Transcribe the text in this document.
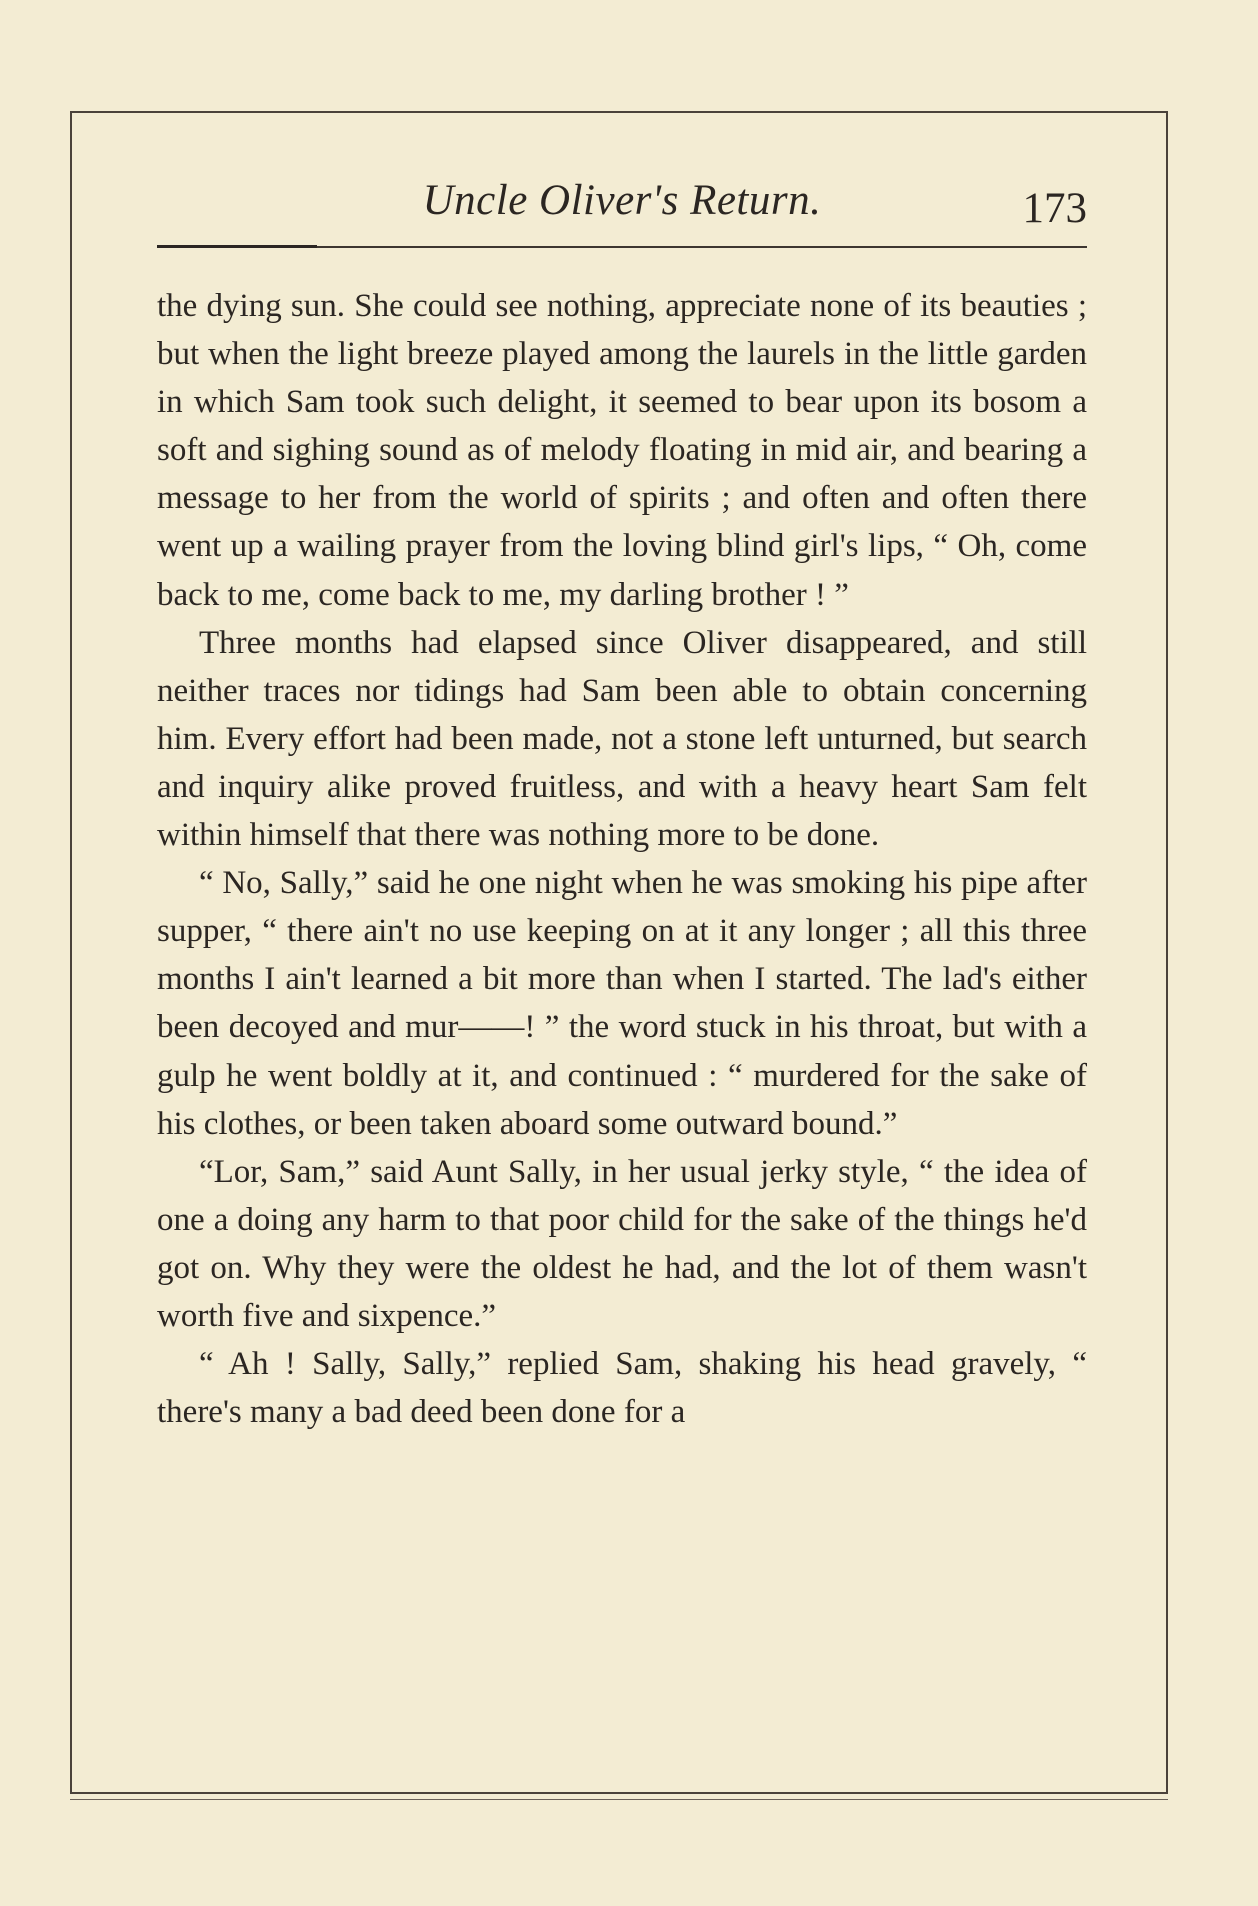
Uncle Oliver's Return.	173

the dying sun. She could see nothing, appreciate none of its beauties ; but when the light breeze played among the laurels in the little garden in which Sam took such delight, it seemed to bear upon its bosom a soft and sighing sound as of melody floating in mid air, and bearing a message to her from the world of spirits ; and often and often there went up a wailing prayer from the loving blind girl's lips, “ Oh, come back to me, come back to me, my darling brother ! ”

Three months had elapsed since Oliver disappeared, and still neither traces nor tidings had Sam been able to obtain concerning him. Every effort had been made, not a stone left unturned, but search and inquiry alike proved fruitless, and with a heavy heart Sam felt within himself that there was nothing more to be done.

“ No, Sally,” said he one night when he was smoking his pipe after supper, “ there ain't no use keeping on at it any longer ; all this three months I ain't learned a bit more than when I started. The lad's either been decoyed and mur——! ” the word stuck in his throat, but with a gulp he went boldly at it, and continued : “ murdered for the sake of his clothes, or been taken aboard some outward bound.”

“Lor, Sam,” said Aunt Sally, in her usual jerky style, “ the idea of one a doing any harm to that poor child for the sake of the things he'd got on. Why they were the oldest he had, and the lot of them wasn't worth five and sixpence.”

“ Ah ! Sally, Sally,” replied Sam, shaking his head gravely, “ there's many a bad deed been done for a
